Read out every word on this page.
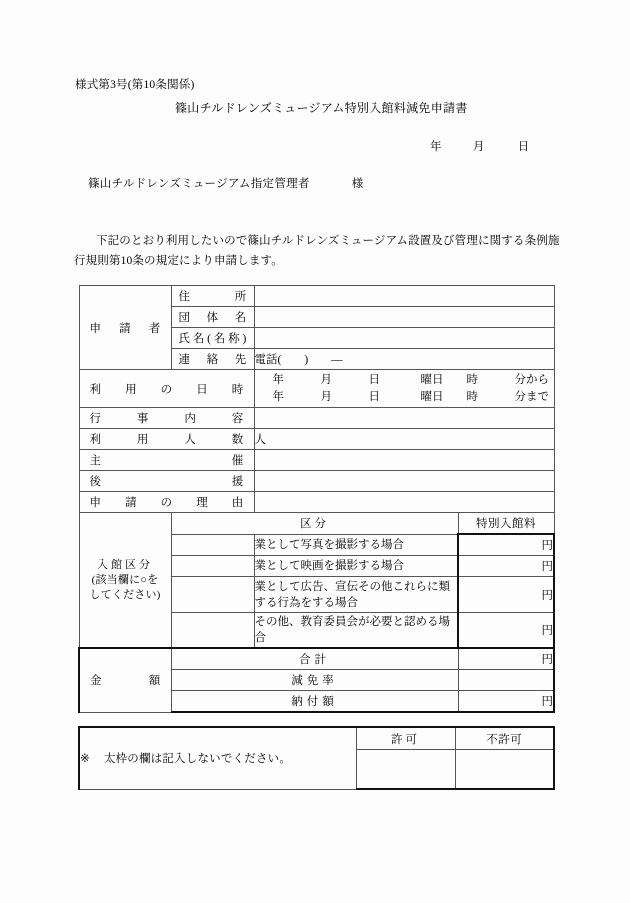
様式第3号(第10条関係)
篠山チルドレンズミュージアム特別入館料減免申請書
年	月	日
篠山チルドレンズミュージアム指定管理者	様
下記のとおり利用したいので篠山チルドレンズミュージアム設置及び管理に関する条例施行規則第10条の規定により申請します。
申請者	住所		

	団体名		

	氏名(名称)		

	連絡先	電話(　　)　　—	

利用の日時		年 月 日 曜日 時 分から
年 月 日 曜日 時 分まで	

行事内容			

利用人数		人	

主催			

後援			

申請の理由			

入館区分
(該当欄に○を
してください)	区分		特別入館料
		業として写真を撮影する場合	円
		業として映画を撮影する場合	円
		業として広告、宣伝その他これらに類する行為をする場合	円
		その他、教育委員会が必要と認める場合	円

金額	合計		円
	減免率		
	納付額		円
※ 太枠の欄は記入しないでください。	許可	不許可
